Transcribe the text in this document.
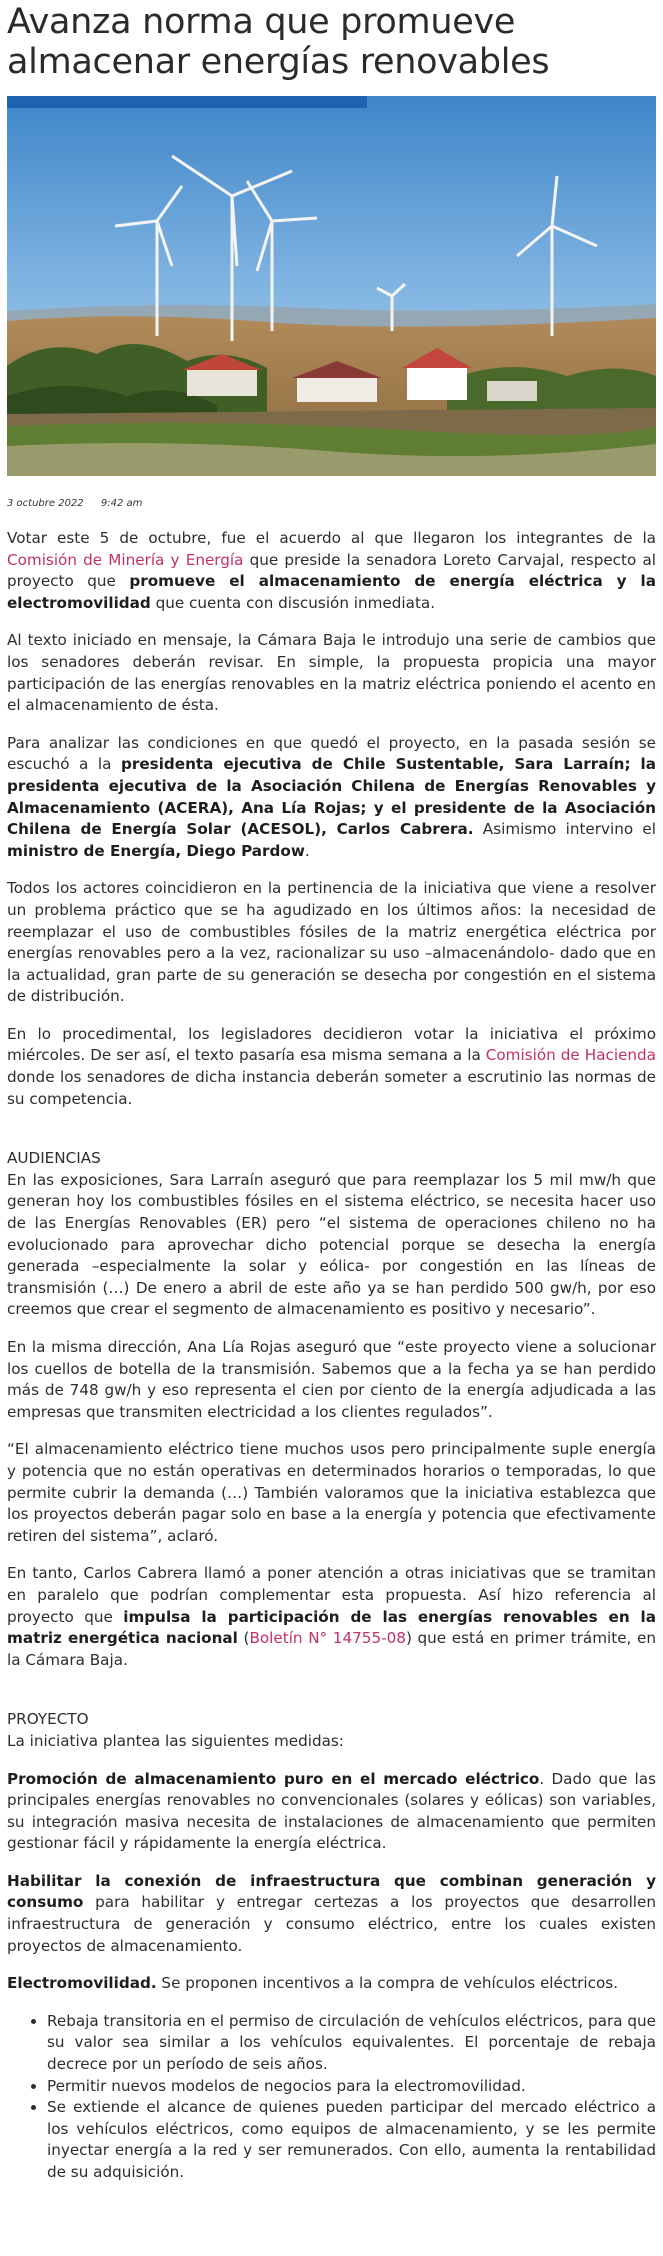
Avanza norma que promueve almacenar energías renovables
3 octubre 2022 9:42 am

Votar este 5 de octubre, fue el acuerdo al que llegaron los integrantes de la Comisión de Minería y Energía que preside la senadora Loreto Carvajal, respecto al proyecto que promueve el almacenamiento de energía eléctrica y la electromovilidad que cuenta con discusión inmediata.

Al texto iniciado en mensaje, la Cámara Baja le introdujo una serie de cambios que los senadores deberán revisar. En simple, la propuesta propicia una mayor participación de las energías renovables en la matriz eléctrica poniendo el acento en el almacenamiento de ésta.

Para analizar las condiciones en que quedó el proyecto, en la pasada sesión se escuchó a la presidenta ejecutiva de Chile Sustentable, Sara Larraín; la presidenta ejecutiva de la Asociación Chilena de Energías Renovables y Almacenamiento (ACERA), Ana Lía Rojas; y el presidente de la Asociación Chilena de Energía Solar (ACESOL), Carlos Cabrera. Asimismo intervino el ministro de Energía, Diego Pardow.

Todos los actores coincidieron en la pertinencia de la iniciativa que viene a resolver un problema práctico que se ha agudizado en los últimos años: la necesidad de reemplazar el uso de combustibles fósiles de la matriz energética eléctrica por energías renovables pero a la vez, racionalizar su uso –almacenándolo- dado que en la actualidad, gran parte de su generación se desecha por congestión en el sistema de distribución.

En lo procedimental, los legisladores decidieron votar la iniciativa el próximo miércoles. De ser así, el texto pasaría esa misma semana a la Comisión de Hacienda donde los senadores de dicha instancia deberán someter a escrutinio las normas de su competencia.

AUDIENCIAS

En las exposiciones, Sara Larraín aseguró que para reemplazar los 5 mil mw/h que generan hoy los combustibles fósiles en el sistema eléctrico, se necesita hacer uso de las Energías Renovables (ER) pero “el sistema de operaciones chileno no ha evolucionado para aprovechar dicho potencial porque se desecha la energía generada –especialmente la solar y eólica- por congestión en las líneas de transmisión (…) De enero a abril de este año ya se han perdido 500 gw/h, por eso creemos que crear el segmento de almacenamiento es positivo y necesario”.

En la misma dirección, Ana Lía Rojas aseguró que “este proyecto viene a solucionar los cuellos de botella de la transmisión. Sabemos que a la fecha ya se han perdido más de 748 gw/h y eso representa el cien por ciento de la energía adjudicada a las empresas que transmiten electricidad a los clientes regulados”.

“El almacenamiento eléctrico tiene muchos usos pero principalmente suple energía y potencia que no están operativas en determinados horarios o temporadas, lo que permite cubrir la demanda (…) También valoramos que la iniciativa establezca que los proyectos deberán pagar solo en base a la energía y potencia que efectivamente retiren del sistema”, aclaró.

En tanto, Carlos Cabrera llamó a poner atención a otras iniciativas que se tramitan en paralelo que podrían complementar esta propuesta. Así hizo referencia al proyecto que impulsa la participación de las energías renovables en la matriz energética nacional (Boletín N° 14755-08) que está en primer trámite, en la Cámara Baja.

PROYECTO

La iniciativa plantea las siguientes medidas:

Promoción de almacenamiento puro en el mercado eléctrico. Dado que las principales energías renovables no convencionales (solares y eólicas) son variables, su integración masiva necesita de instalaciones de almacenamiento que permiten gestionar fácil y rápidamente la energía eléctrica.

Habilitar la conexión de infraestructura que combinan generación y consumo para habilitar y entregar certezas a los proyectos que desarrollen infraestructura de generación y consumo eléctrico, entre los cuales existen proyectos de almacenamiento.

Electromovilidad. Se proponen incentivos a la compra de vehículos eléctricos.

• Rebaja transitoria en el permiso de circulación de vehículos eléctricos, para que su valor sea similar a los vehículos equivalentes. El porcentaje de rebaja decrece por un período de seis años.
• Permitir nuevos modelos de negocios para la electromovilidad.
• Se extiende el alcance de quienes pueden participar del mercado eléctrico a los vehículos eléctricos, como equipos de almacenamiento, y se les permite inyectar energía a la red y ser remunerados. Con ello, aumenta la rentabilidad de su adquisición.
